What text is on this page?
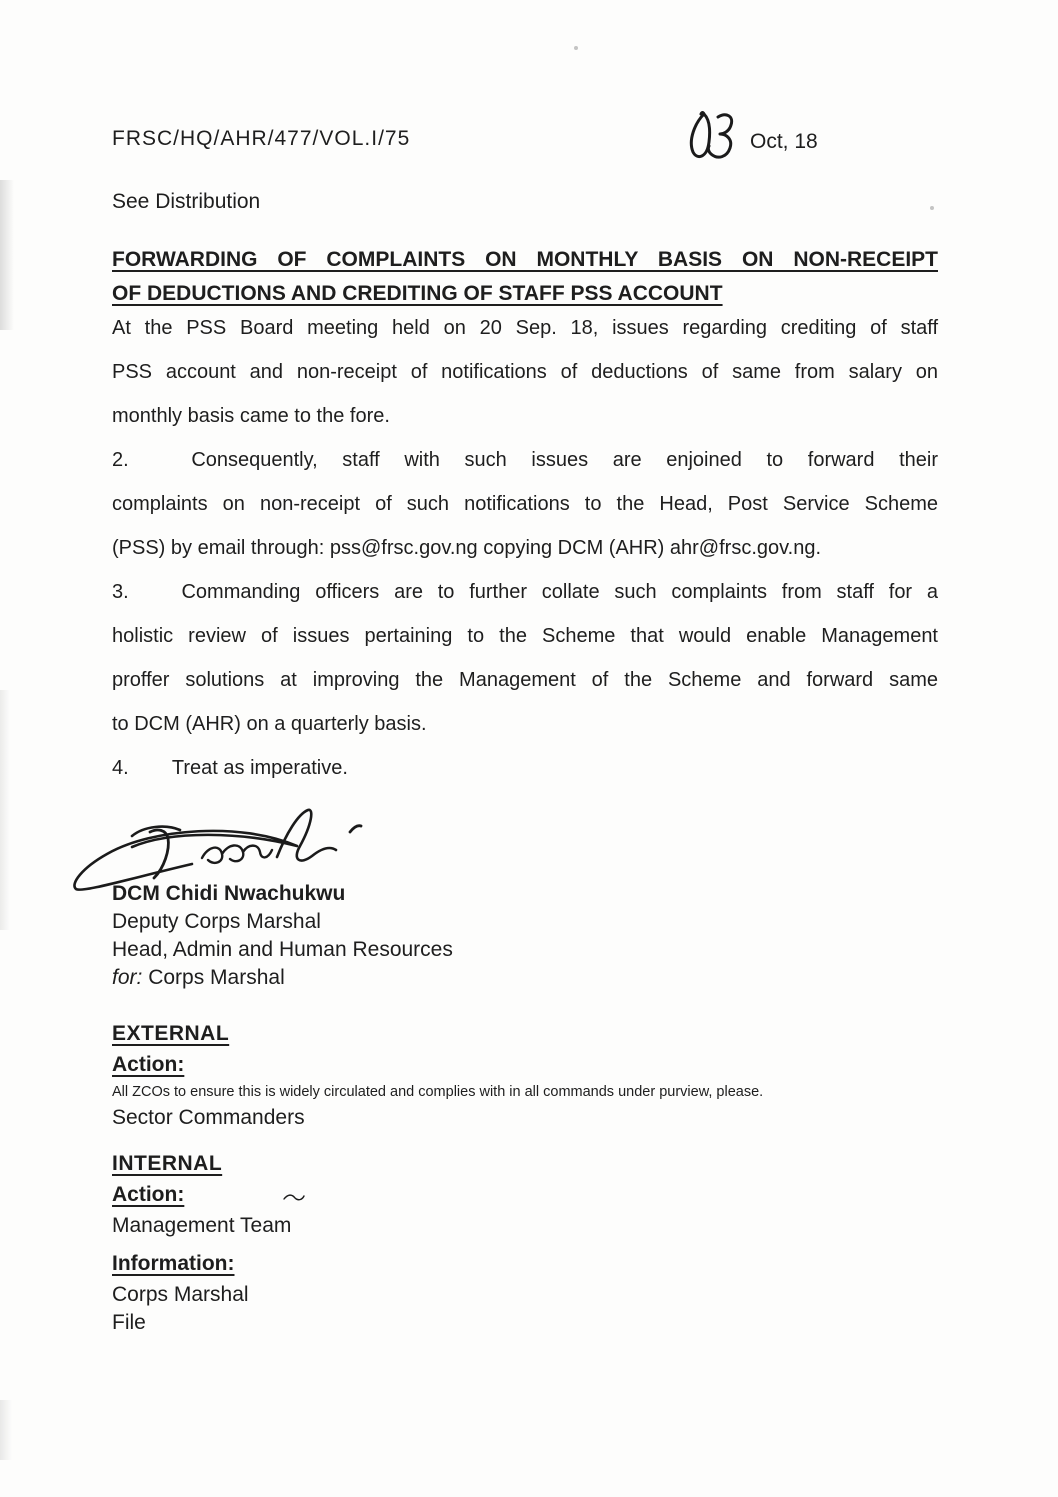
FRSC/HQ/AHR/477/VOL.I/75	Oct, 18
See Distribution
FORWARDING OF COMPLAINTS ON MONTHLY BASIS ON NON-RECEIPT
OF DEDUCTIONS AND CREDITING OF STAFF PSS ACCOUNT
At the PSS Board meeting held on 20 Sep. 18, issues regarding crediting of staff
PSS account and non-receipt of notifications of deductions of same from salary on
monthly basis came to the fore.
2.	Consequently, staff with such issues are enjoined to forward their
complaints on non-receipt of such notifications to the Head, Post Service Scheme
(PSS) by email through: pss@frsc.gov.ng copying DCM (AHR) ahr@frsc.gov.ng.
3.	Commanding officers are to further collate such complaints from staff for a
holistic review of issues pertaining to the Scheme that would enable Management
proffer solutions at improving the Management of the Scheme and forward same
to DCM (AHR) on a quarterly basis.
4. Treat as imperative.
DCM Chidi Nwachukwu
Deputy Corps Marshal
Head, Admin and Human Resources
for: Corps Marshal
EXTERNAL
Action:
All ZCOs to ensure this is widely circulated and complies with in all commands under purview, please.
Sector Commanders
INTERNAL
Action:
Management Team
Information:
Corps Marshal
File
